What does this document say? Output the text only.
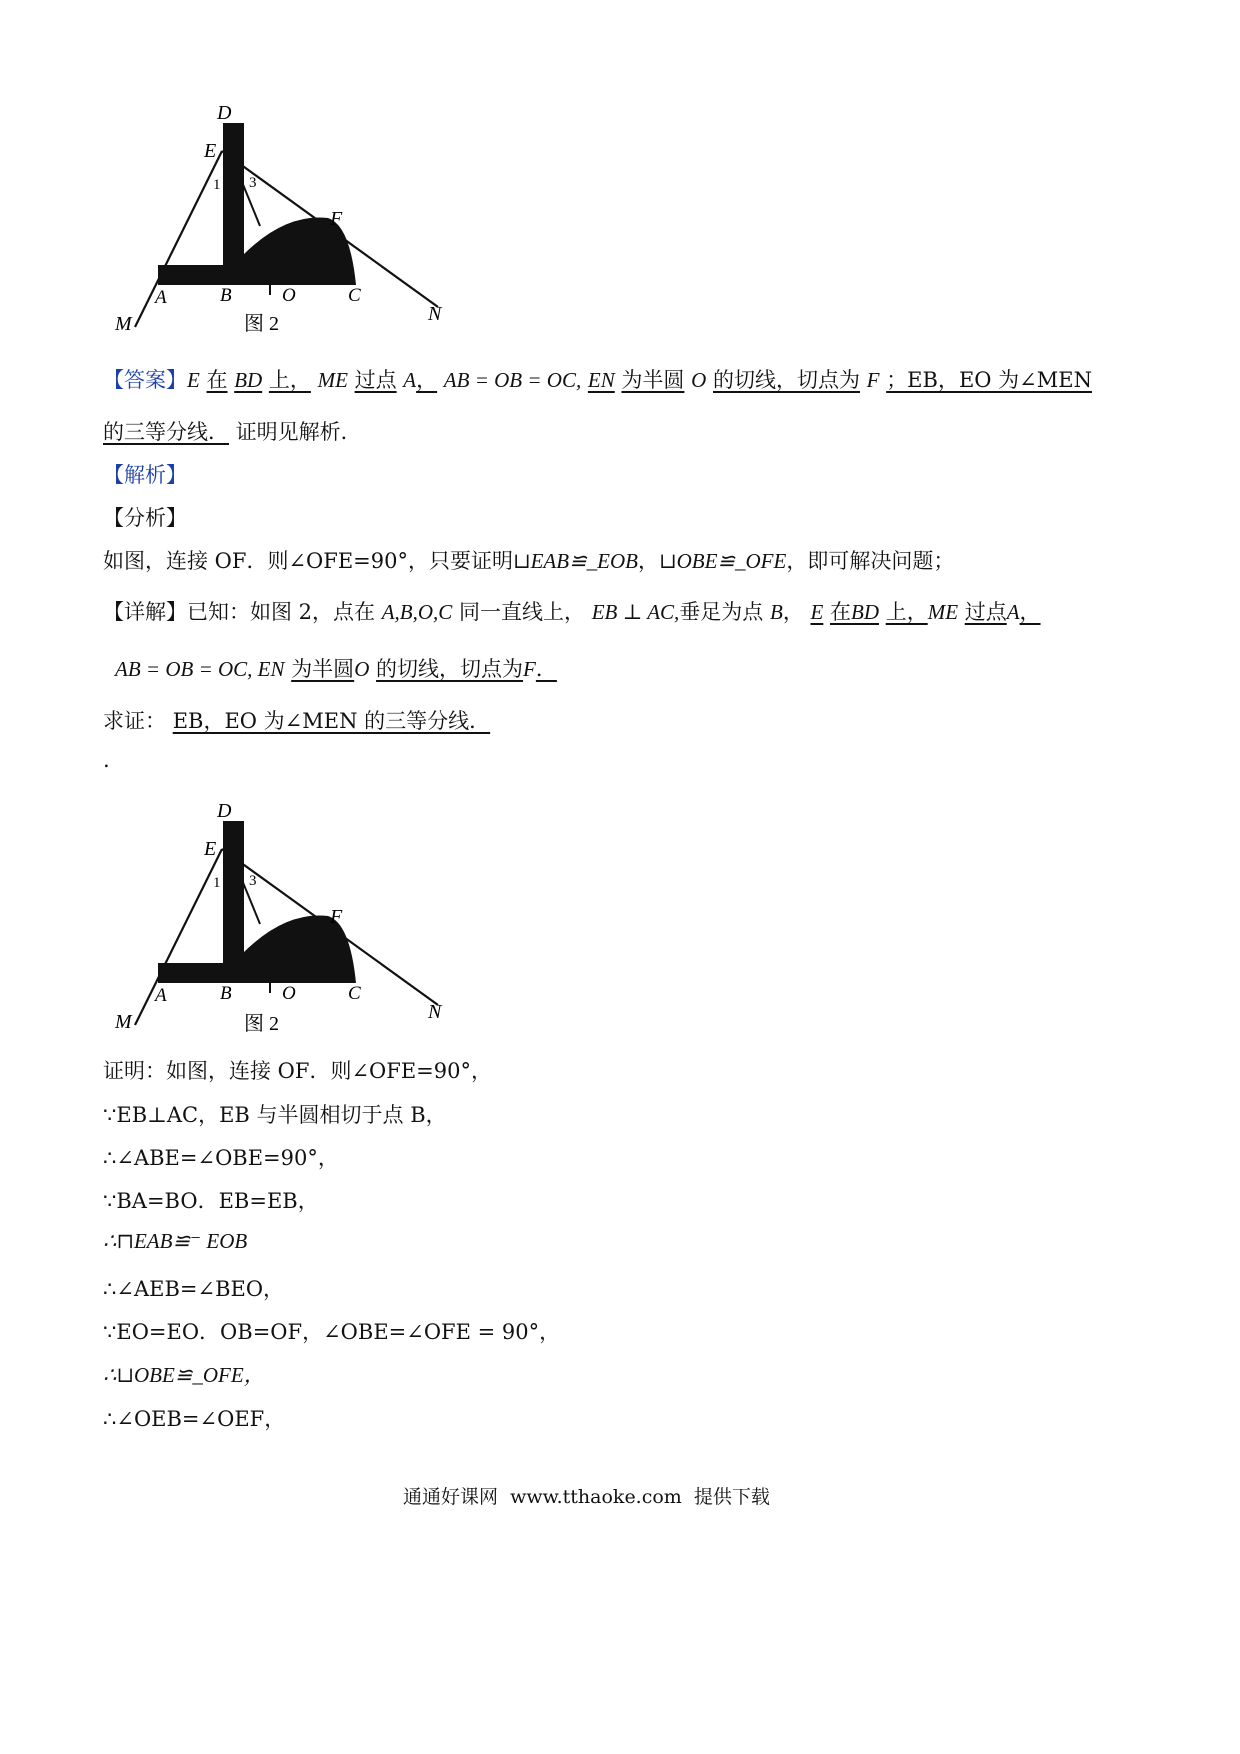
D
E
1 3
F
M
A	B	O	C
N
图 2
【答案】E 在 BD 上， ME 过点 A， AB = OB = OC, EN 为半圆 O 的切线，切点为 F ；EB，EO 为∠MEN
的三等分线． 证明见解析．
【解析】
【分析】
如图，连接 OF．则∠OFE=90°，只要证明⊔EAB≌_EOB，⊔OBE≌_OFE，即可解决问题；
【详解】已知：如图 2，点在 A,B,O,C 同一直线上， EB ⊥ AC,垂足为点 B， E 在BD 上，ME 过点A，
AB = OB = OC, EN 为半圆O 的切线，切点为F．
求证： EB，EO 为∠MEN 的三等分线．
.
D
E
1 3
F
M
A	B	O	C
N
图 2
证明：如图，连接 OF．则∠OFE=90°，
∵EB⊥AC，EB 与半圆相切于点 B，
∴∠ABE=∠OBE=90°，
∵BA=BO．EB=EB，
∴⊓EAB≌⁻ EOB
∴∠AEB=∠BEO，
∵EO=EO．OB=OF，∠OBE=∠OFE = 90°，
∴⊔OBE≌_OFE，
∴∠OEB=∠OEF，
通通好课网  www.tthaoke.com  提供下载
